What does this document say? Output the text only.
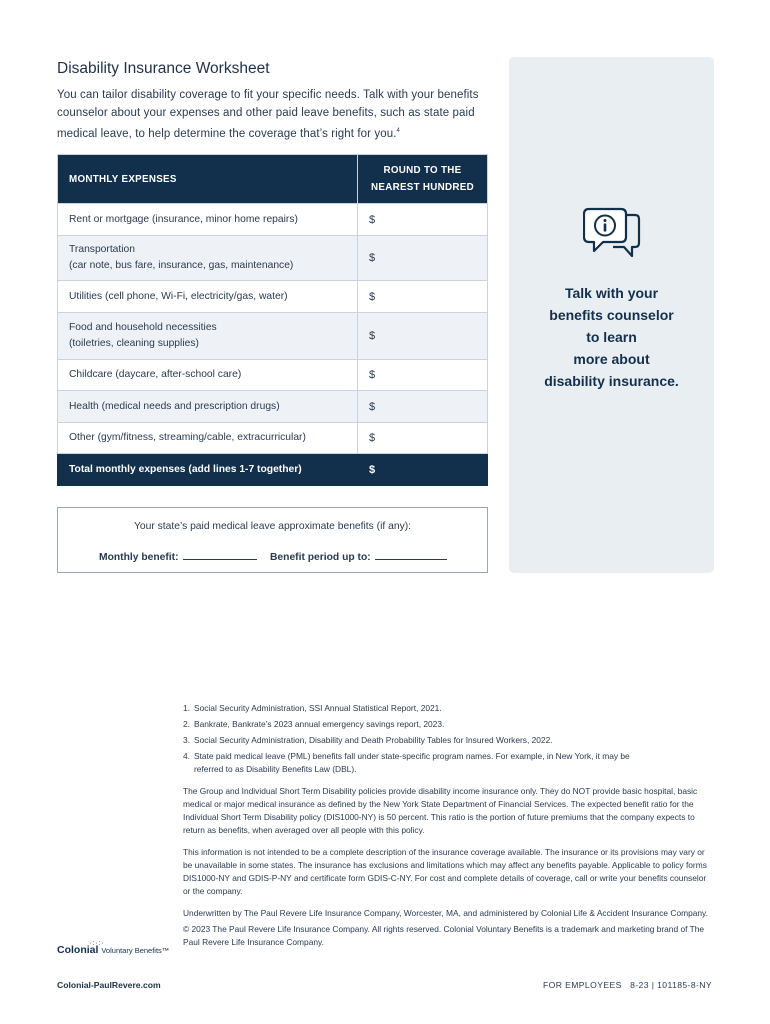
Disability Insurance Worksheet
You can tailor disability coverage to fit your specific needs. Talk with your benefits counselor about your expenses and other paid leave benefits, such as state paid medical leave, to help determine the coverage that’s right for you.$^4$
MONTHLY EXPENSES	ROUND TO THE
NEAREST HUNDRED
Rent or mortgage (insurance, minor home repairs)	$
Transportation
(car note, bus fare, insurance, gas, maintenance)	$
Utilities (cell phone, Wi-Fi, electricity/gas, water)	$
Food and household necessities
(toiletries, cleaning supplies)	$
Childcare (daycare, after-school care)	$
Health (medical needs and prescription drugs)	$
Other (gym/fitness, streaming/cable, extracurricular)	$
Total monthly expenses (add lines 1-7 together)	$
Your state’s paid medical leave approximate benefits (if any):
Monthly benefit:	Benefit period up to:
Talk with your
benefits counselor
to learn
more about
disability insurance.
1. Social Security Administration, SSI Annual Statistical Report, 2021.
2. Bankrate, Bankrate’s 2023 annual emergency savings report, 2023.
3. Social Security Administration, Disability and Death Probability Tables for Insured Workers, 2022.
4. State paid medical leave (PML) benefits fall under state-specific program names. For example, in New York, it may be
referred to as Disability Benefits Law (DBL).

The Group and Individual Short Term Disability policies provide disability income insurance only. They do NOT provide basic hospital, basic medical or major medical insurance as defined by the New York State Department of Financial Services. The expected benefit ratio for the Individual Short Term Disability policy (DIS1000-NY) is 50 percent. This ratio is the portion of future premiums that the company expects to return as benefits, when averaged over all people with this policy.

This information is not intended to be a complete description of the insurance coverage available. The insurance or its provisions may vary or be unavailable in some states. The insurance has exclusions and limitations which may affect any benefits payable. Applicable to policy forms DIS1000-NY and GDIS-P-NY and certificate form GDIS-C-NY. For cost and complete details of coverage, call or write your benefits counselor or the company.

Underwritten by The Paul Revere Life Insurance Company, Worcester, MA, and administered by Colonial Life & Accident Insurance Company.

© 2023 The Paul Revere Life Insurance Company. All rights reserved. Colonial Voluntary Benefits is a trademark and marketing brand of The Paul Revere Life Insurance Company.

·:·:·
Colonial Voluntary Benefits™
Colonial-PaulRevere.com	FOR EMPLOYEES 8-23 | 101185-8-NY
